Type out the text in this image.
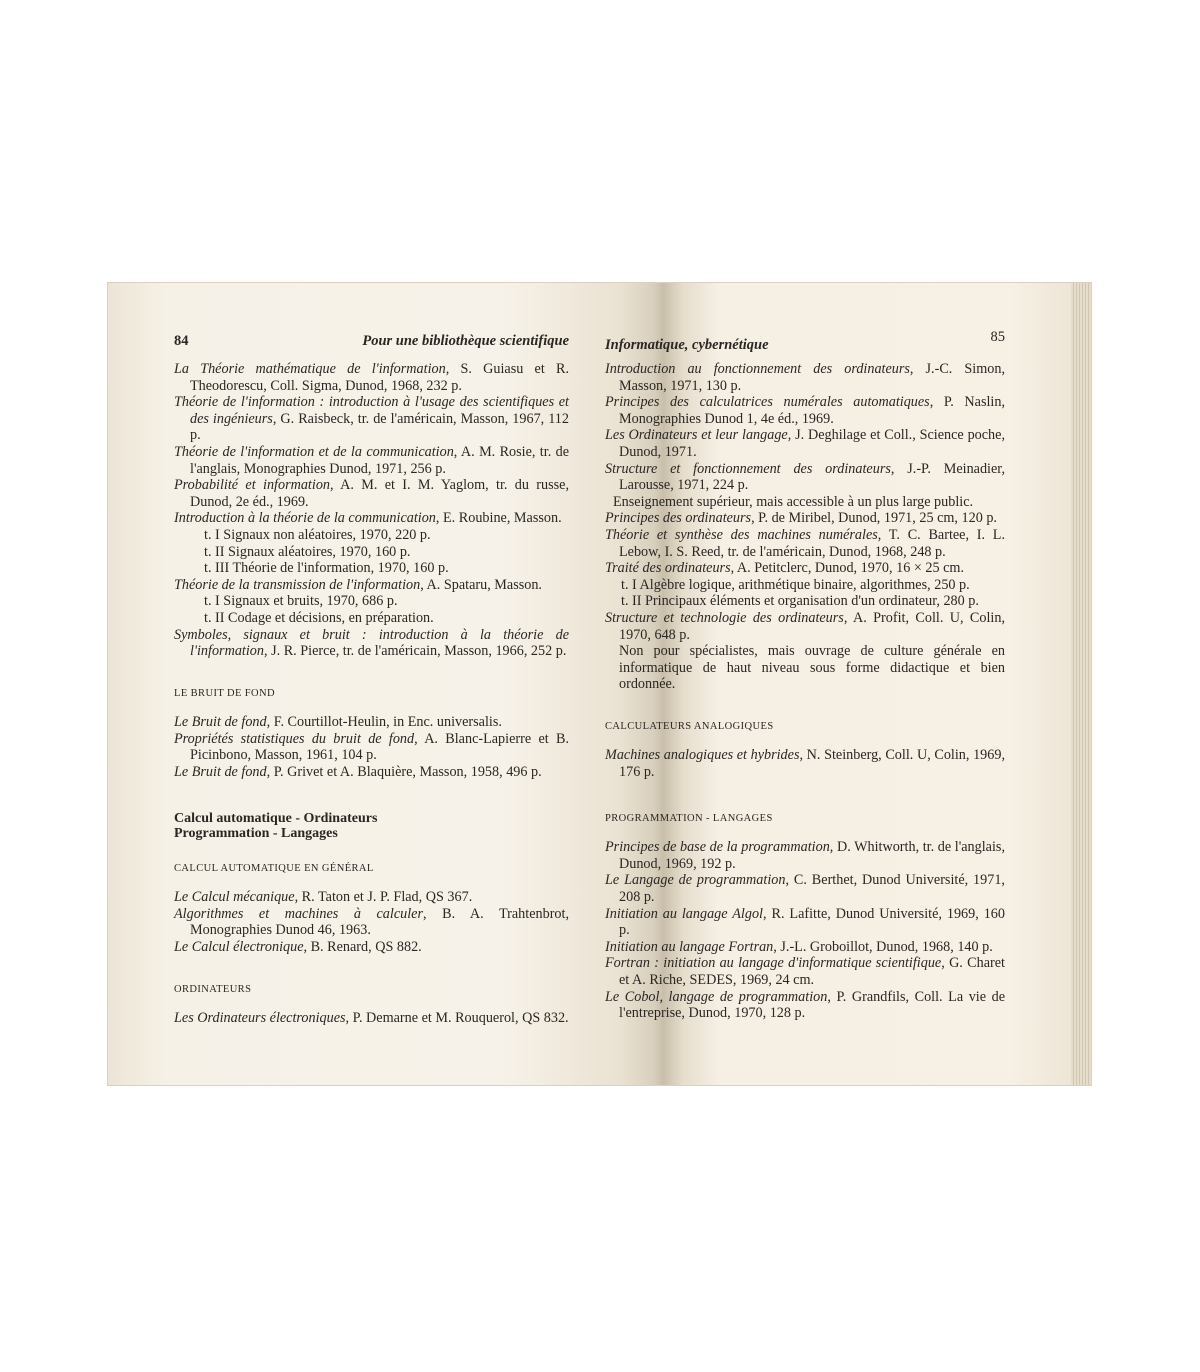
84	Pour une bibliothèque scientifique

La Théorie mathématique de l'information, S. Guiasu et R. Theodorescu, Coll. Sigma, Dunod, 1968, 232 p.

Théorie de l'information : introduction à l'usage des scientifiques et des ingénieurs, G. Raisbeck, tr. de l'américain, Masson, 1967, 112 p.

Théorie de l'information et de la communication, A. M. Rosie, tr. de l'anglais, Monographies Dunod, 1971, 256 p.

Probabilité et information, A. M. et I. M. Yaglom, tr. du russe, Dunod, 2e éd., 1969.

Introduction à la théorie de la communication, E. Roubine, Masson.

t. I Signaux non aléatoires, 1970, 220 p.

t. II Signaux aléatoires, 1970, 160 p.

t. III Théorie de l'information, 1970, 160 p.

Théorie de la transmission de l'information, A. Spataru, Masson.

t. I Signaux et bruits, 1970, 686 p.

t. II Codage et décisions, en préparation.

Symboles, signaux et bruit : introduction à la théorie de l'information, J. R. Pierce, tr. de l'américain, Masson, 1966, 252 p.

LE BRUIT DE FOND

Le Bruit de fond, F. Courtillot-Heulin, in Enc. universalis.

Propriétés statistiques du bruit de fond, A. Blanc-Lapierre et B. Picinbono, Masson, 1961, 104 p.

Le Bruit de fond, P. Grivet et A. Blaquière, Masson, 1958, 496 p.

Calcul automatique - Ordinateurs
Programmation - Langages
CALCUL AUTOMATIQUE EN GÉNÉRAL

Le Calcul mécanique, R. Taton et J. P. Flad, QS 367.

Algorithmes et machines à calculer, B. A. Trahtenbrot, Monographies Dunod 46, 1963.

Le Calcul électronique, B. Renard, QS 882.

ORDINATEURS

Les Ordinateurs électroniques, P. Demarne et M. Rouquerol, QS 832.

Informatique, cybernétique	85

Introduction au fonctionnement des ordinateurs, J.-C. Simon, Masson, 1971, 130 p.

Principes des calculatrices numérales automatiques, P. Naslin, Monographies Dunod 1, 4e éd., 1969.

Les Ordinateurs et leur langage, J. Deghilage et Coll., Science poche, Dunod, 1971.

Structure et fonctionnement des ordinateurs, J.-P. Meinadier, Larousse, 1971, 224 p.

Enseignement supérieur, mais accessible à un plus large public.

Principes des ordinateurs, P. de Miribel, Dunod, 1971, 25 cm, 120 p.

Théorie et synthèse des machines numérales, T. C. Bartee, I. L. Lebow, I. S. Reed, tr. de l'américain, Dunod, 1968, 248 p.

Traité des ordinateurs, A. Petitclerc, Dunod, 1970, 16 × 25 cm.

t. I Algèbre logique, arithmétique binaire, algorithmes, 250 p.

t. II Principaux éléments et organisation d'un ordinateur, 280 p.

Structure et technologie des ordinateurs, A. Profit, Coll. U, Colin, 1970, 648 p.

Non pour spécialistes, mais ouvrage de culture générale en informatique de haut niveau sous forme didactique et bien ordonnée.

CALCULATEURS ANALOGIQUES

Machines analogiques et hybrides, N. Steinberg, Coll. U, Colin, 1969, 176 p.

PROGRAMMATION - LANGAGES

Principes de base de la programmation, D. Whitworth, tr. de l'anglais, Dunod, 1969, 192 p.

Le Langage de programmation, C. Berthet, Dunod Université, 1971, 208 p.

Initiation au langage Algol, R. Lafitte, Dunod Université, 1969, 160 p.

Initiation au langage Fortran, J.-L. Groboillot, Dunod, 1968, 140 p.

Fortran : initiation au langage d'informatique scientifique, G. Charet et A. Riche, SEDES, 1969, 24 cm.

Le Cobol, langage de programmation, P. Grandfils, Coll. La vie de l'entreprise, Dunod, 1970, 128 p.
